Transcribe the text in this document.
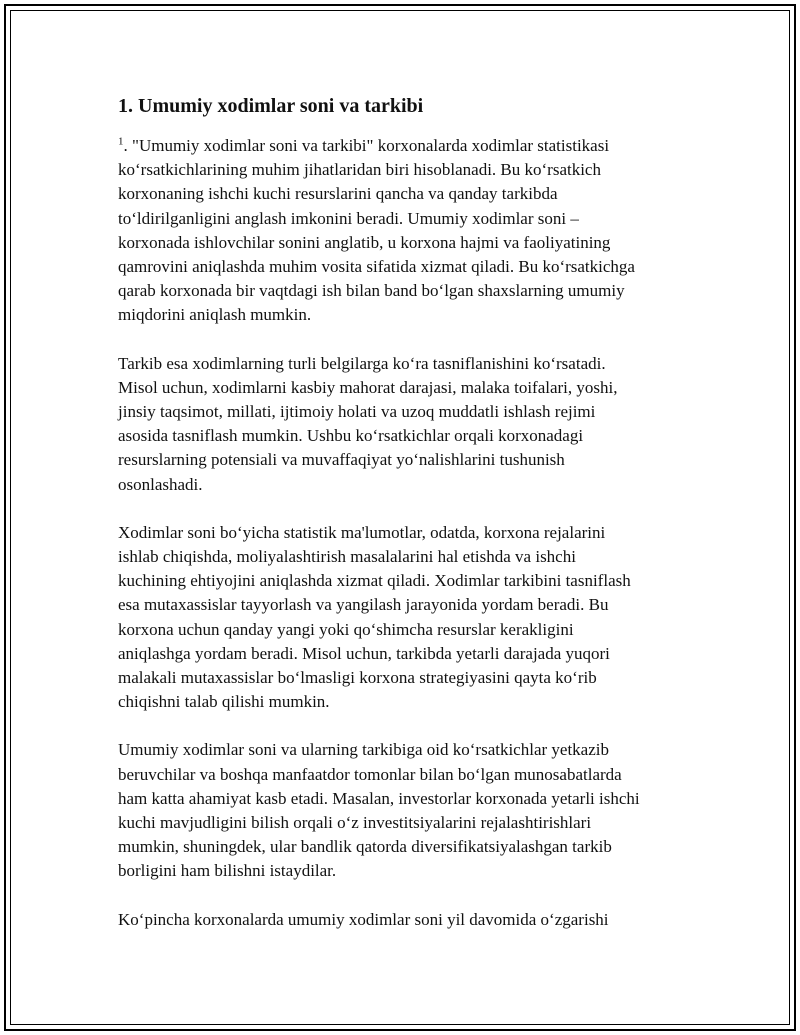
1. Umumiy xodimlar soni va tarkibi

$^1$. "Umumiy xodimlar soni va tarkibi" korxonalarda xodimlar statistikasi
ko‘rsatkichlarining muhim jihatlaridan biri hisoblanadi. Bu ko‘rsatkich
korxonaning ishchi kuchi resurslarini qancha va qanday tarkibda
to‘ldirilganligini anglash imkonini beradi. Umumiy xodimlar soni –
korxonada ishlovchilar sonini anglatib, u korxona hajmi va faoliyatining
qamrovini aniqlashda muhim vosita sifatida xizmat qiladi. Bu ko‘rsatkichga
qarab korxonada bir vaqtdagi ish bilan band bo‘lgan shaxslarning umumiy
miqdorini aniqlash mumkin.

Tarkib esa xodimlarning turli belgilarga ko‘ra tasniflanishini ko‘rsatadi.
Misol uchun, xodimlarni kasbiy mahorat darajasi, malaka toifalari, yoshi,
jinsiy taqsimot, millati, ijtimoiy holati va uzoq muddatli ishlash rejimi
asosida tasniflash mumkin. Ushbu ko‘rsatkichlar orqali korxonadagi
resurslarning potensiali va muvaffaqiyat yo‘nalishlarini tushunish
osonlashadi.

Xodimlar soni bo‘yicha statistik ma'lumotlar, odatda, korxona rejalarini
ishlab chiqishda, moliyalashtirish masalalarini hal etishda va ishchi
kuchining ehtiyojini aniqlashda xizmat qiladi. Xodimlar tarkibini tasniflash
esa mutaxassislar tayyorlash va yangilash jarayonida yordam beradi. Bu
korxona uchun qanday yangi yoki qo‘shimcha resurslar kerakligini
aniqlashga yordam beradi. Misol uchun, tarkibda yetarli darajada yuqori
malakali mutaxassislar bo‘lmasligi korxona strategiyasini qayta ko‘rib
chiqishni talab qilishi mumkin.

Umumiy xodimlar soni va ularning tarkibiga oid ko‘rsatkichlar yetkazib
beruvchilar va boshqa manfaatdor tomonlar bilan bo‘lgan munosabatlarda
ham katta ahamiyat kasb etadi. Masalan, investorlar korxonada yetarli ishchi
kuchi mavjudligini bilish orqali o‘z investitsiyalarini rejalashtirishlari
mumkin, shuningdek, ular bandlik qatorda diversifikatsiyalashgan tarkib
borligini ham bilishni istaydilar.

Ko‘pincha korxonalarda umumiy xodimlar soni yil davomida o‘zgarishi
